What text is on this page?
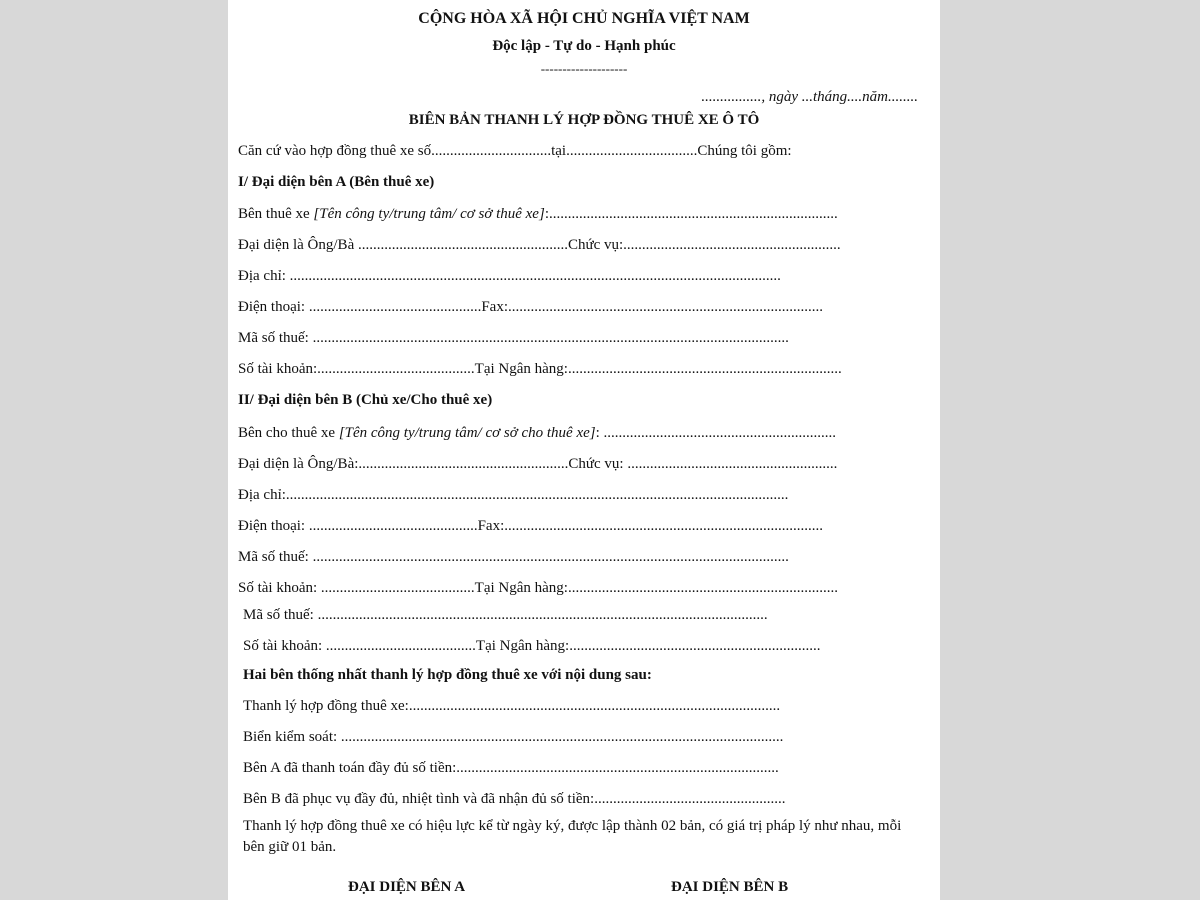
CỘNG HÒA XÃ HỘI CHỦ NGHĨA VIỆT NAM
Độc lập - Tự do - Hạnh phúc
--------------------
................, ngày ...tháng....năm........
BIÊN BẢN THANH LÝ HỢP ĐỒNG THUÊ XE Ô TÔ
Căn cứ vào hợp đồng thuê xe số................................tại...................................Chúng tôi gồm:
I/ Đại diện bên A (Bên thuê xe)
Bên thuê xe [Tên công ty/trung tâm/ cơ sở thuê xe]:.............................................................................
Đại diện là Ông/Bà ........................................................Chức vụ:..........................................................
Địa chỉ: ...................................................................................................................................
Điện thoại: ..............................................Fax:....................................................................................
Mã số thuế: ...............................................................................................................................
Số tài khoản:..........................................Tại Ngân hàng:.........................................................................
II/ Đại diện bên B (Chủ xe/Cho thuê xe)
Bên cho thuê xe [Tên công ty/trung tâm/ cơ sở cho thuê xe]: ..............................................................
Đại diện là Ông/Bà:........................................................Chức vụ: ........................................................
Địa chỉ:......................................................................................................................................
Điện thoại: .............................................Fax:.....................................................................................
Mã số thuế: ...............................................................................................................................
Số tài khoản: .........................................Tại Ngân hàng:........................................................................
Mã số thuế: ........................................................................................................................
Số tài khoản: ........................................Tại Ngân hàng:...................................................................
Hai bên thống nhất thanh lý hợp đồng thuê xe với nội dung sau:
Thanh lý hợp đồng thuê xe:...................................................................................................
Biển kiểm soát: ......................................................................................................................
Bên A đã thanh toán đầy đủ số tiền:......................................................................................
Bên B đã phục vụ đầy đủ, nhiệt tình và đã nhận đủ số tiền:...................................................
Thanh lý hợp đồng thuê xe có hiệu lực kể từ ngày ký, được lập thành 02 bản, có giá trị pháp lý như nhau, mỗi bên giữ 01 bản.
ĐẠI DIỆN BÊN A	ĐẠI DIỆN BÊN B
